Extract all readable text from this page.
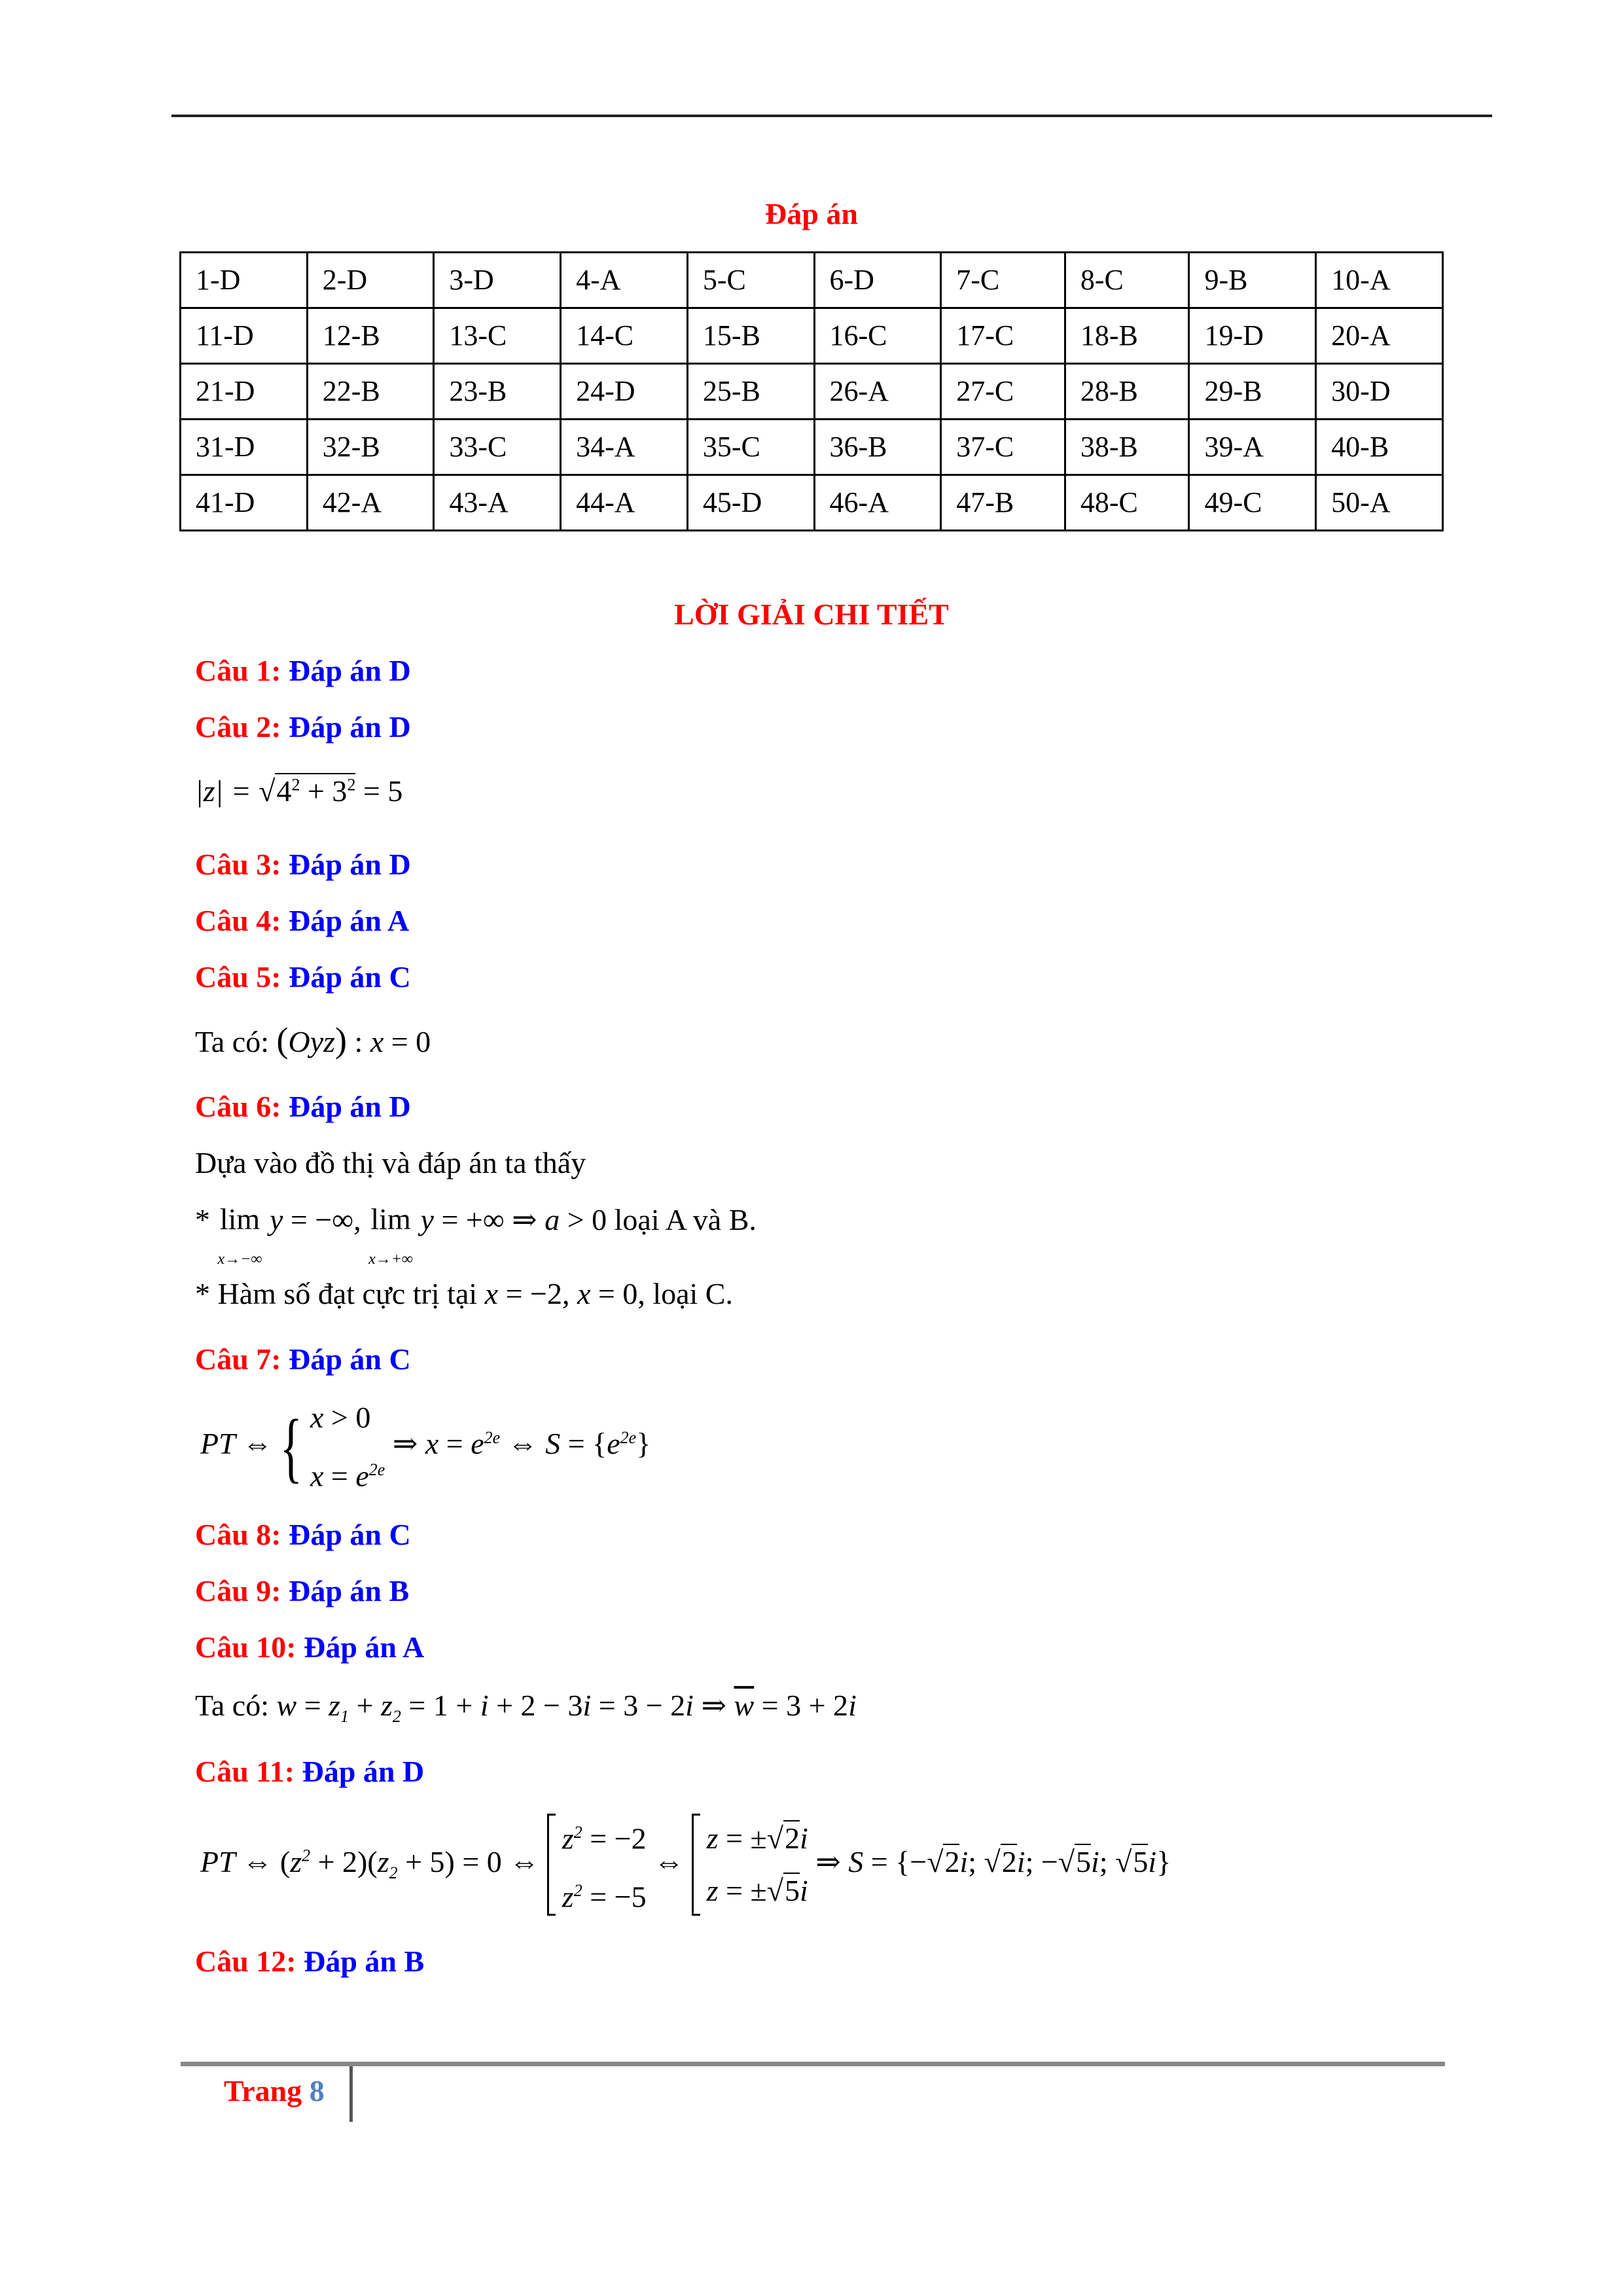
Đáp án
1-D	2-D	3-D	4-A	5-C	6-D	7-C	8-C	9-B	10-A
11-D	12-B	13-C	14-C	15-B	16-C	17-C	18-B	19-D	20-A
21-D	22-B	23-B	24-D	25-B	26-A	27-C	28-B	29-B	30-D
31-D	32-B	33-C	34-A	35-C	36-B	37-C	38-B	39-A	40-B
41-D	42-A	43-A	44-A	45-D	46-A	47-B	48-C	49-C	50-A
LỜI GIẢI CHI TIẾT
Câu 1: Đáp án D
Câu 2: Đáp án D
$|z| = √4^2 + 3^2 = 5$
Câu 3: Đáp án D
Câu 4: Đáp án A
Câu 5: Đáp án C
Ta có: (Oyz) : x = 0
Câu 6: Đáp án D
Dựa vào đồ thị và đáp án ta thấy
* lim
x→−∞ y = −∞, lim
x→+∞ y = +∞ ⇒ a > 0 loại A và B.
* Hàm số đạt cực trị tại x = −2, x = 0, loại C.
Câu 7: Đáp án C
PT ⇔{ x > 0
$x = e^{2e}$ ⇒ $x = e^{2e}$ ⇔ $S = \{e^{2e}\}$
Câu 8: Đáp án C
Câu 9: Đáp án B
Câu 10: Đáp án A
Ta có: $w = z_1 + z_2 = 1 + i + 2 - 3i = 3 - 2i$ ⇒ $\overline{w} = 3 + 2i$
Câu 11: Đáp án D
PT ⇔ $(z^2 + 2)(z_2 + 5) = 0$ ⇔ $z^2 = -2$
$z^2 = -5$ ⇔ z = ±√2i
z = ±√5i ⇒ S = {−√2i; √2i; −√5i; √5i}
Câu 12: Đáp án B
Trang 8
